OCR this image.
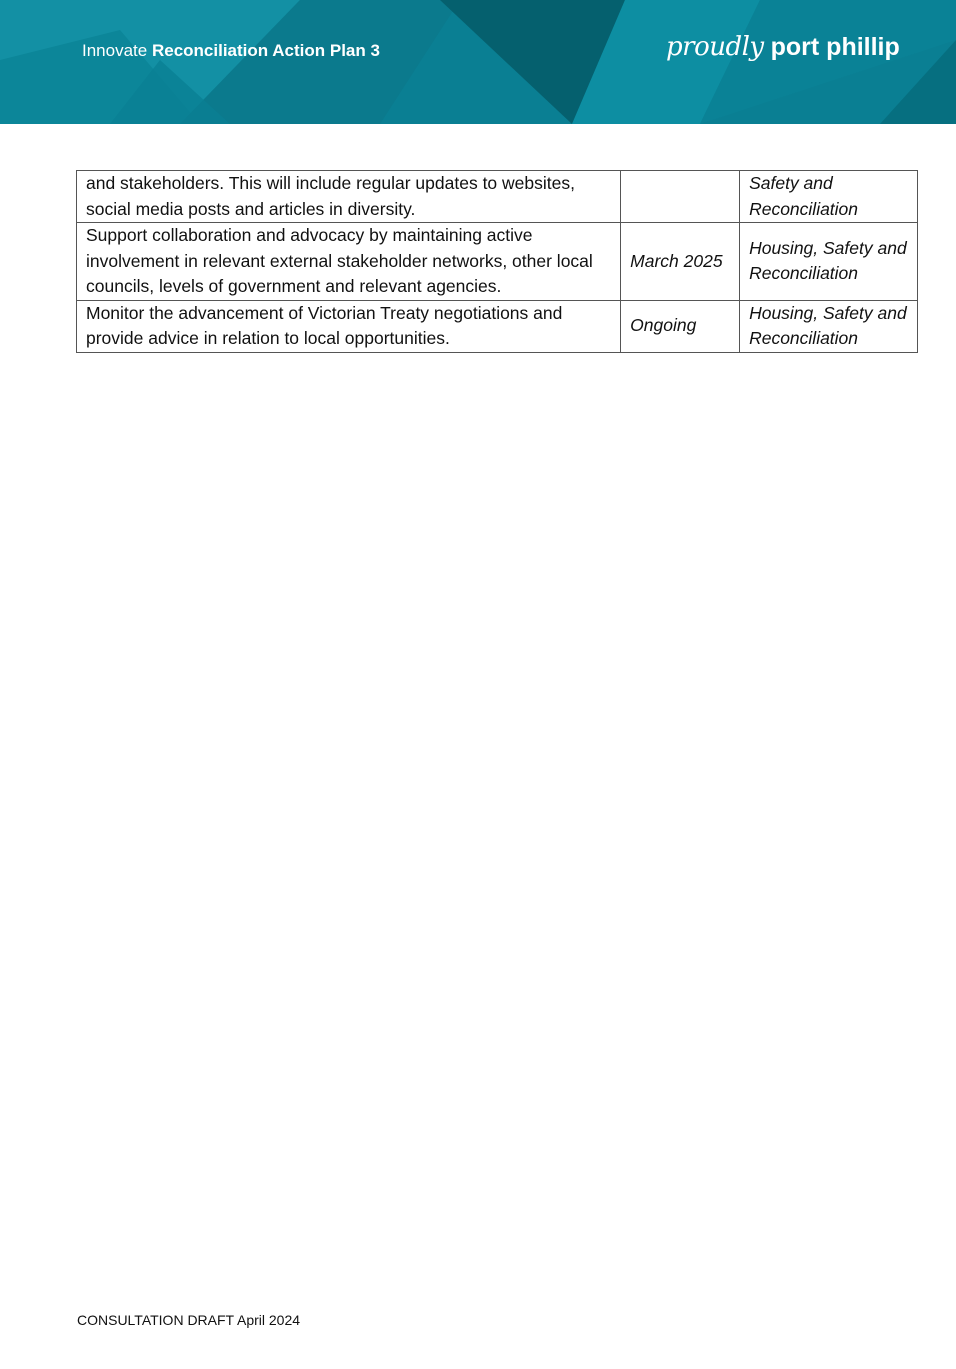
Innovate Reconciliation Action Plan 3	proudly port phillip
and stakeholders. This will include regular updates to websites, social media posts and articles in diversity.		Safety and Reconciliation
Support collaboration and advocacy by maintaining active involvement in relevant external stakeholder networks, other local councils, levels of government and relevant agencies.	March 2025	Housing, Safety and Reconciliation
Monitor the advancement of Victorian Treaty negotiations and provide advice in relation to local opportunities.	Ongoing	Housing, Safety and Reconciliation
CONSULTATION DRAFT April 2024
